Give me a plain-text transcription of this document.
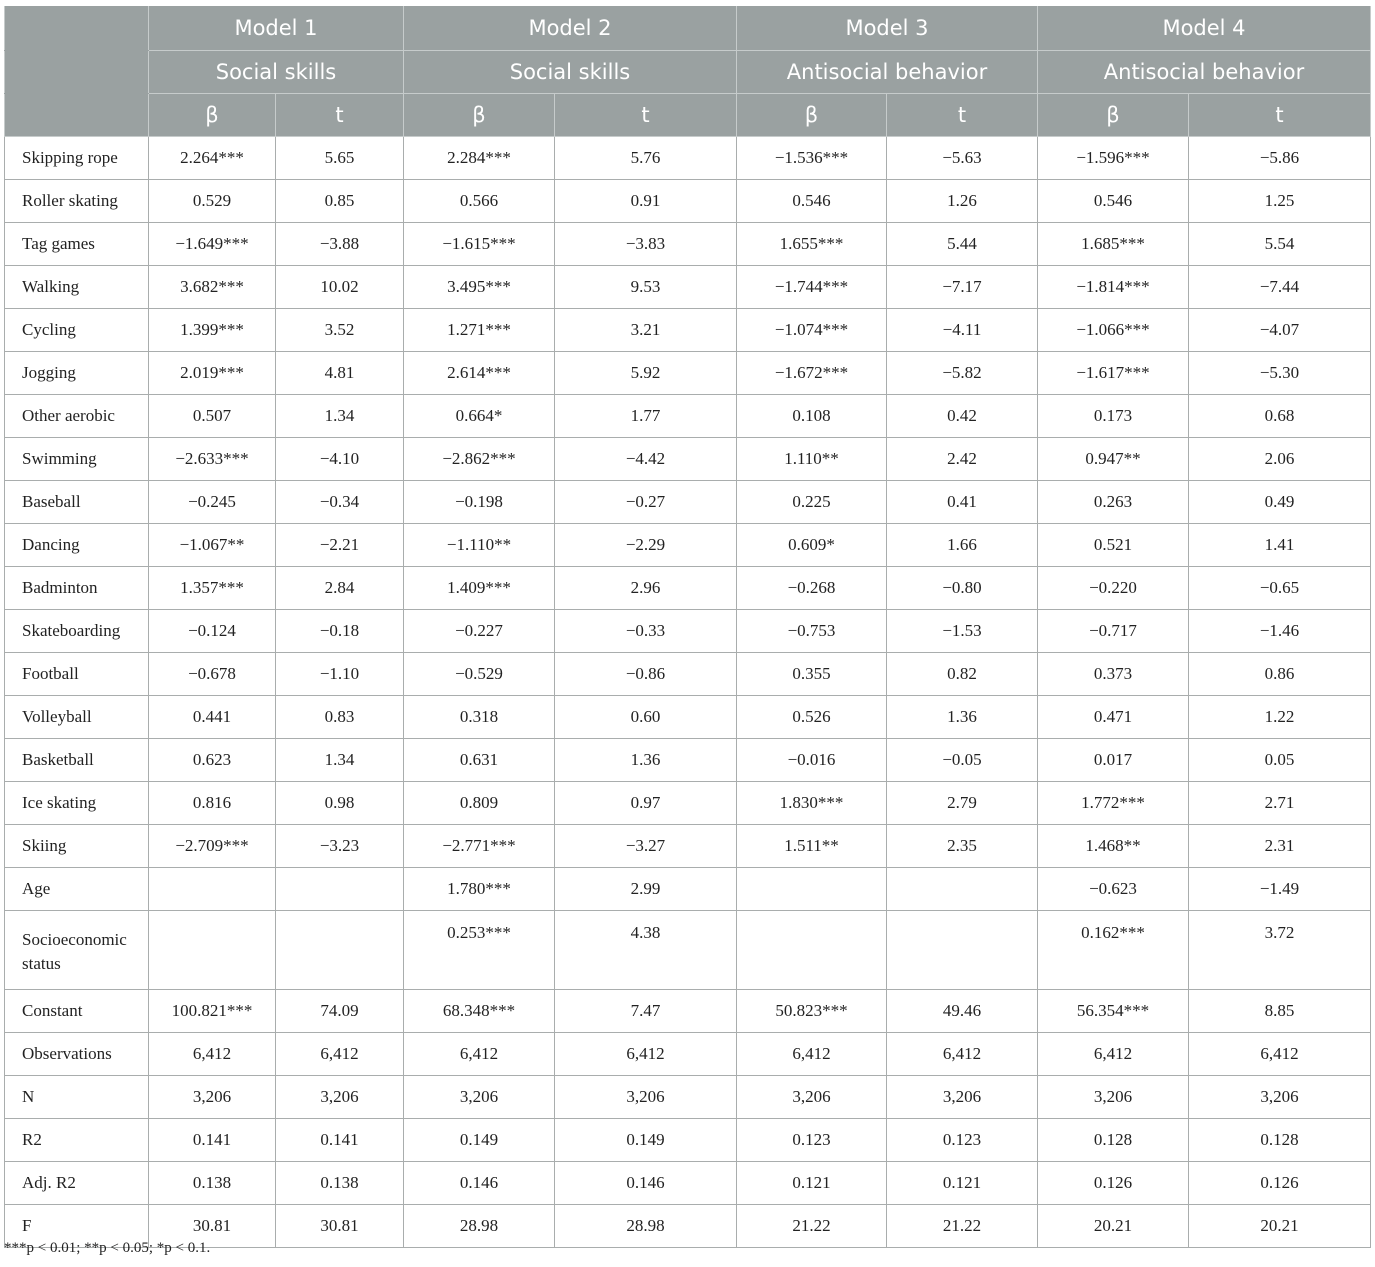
	Model 1		Model 2		Model 3		Model 4	
	Social skills		Social skills		Antisocial behavior		Antisocial behavior	
	β	t	β	t	β	t	β	t
Skipping rope	2.264***	5.65	2.284***	5.76	−1.536***	−5.63	−1.596***	−5.86
Roller skating	0.529	0.85	0.566	0.91	0.546	1.26	0.546	1.25
Tag games	−1.649***	−3.88	−1.615***	−3.83	1.655***	5.44	1.685***	5.54
Walking	3.682***	10.02	3.495***	9.53	−1.744***	−7.17	−1.814***	−7.44
Cycling	1.399***	3.52	1.271***	3.21	−1.074***	−4.11	−1.066***	−4.07
Jogging	2.019***	4.81	2.614***	5.92	−1.672***	−5.82	−1.617***	−5.30
Other aerobic	0.507	1.34	0.664*	1.77	0.108	0.42	0.173	0.68
Swimming	−2.633***	−4.10	−2.862***	−4.42	1.110**	2.42	0.947**	2.06
Baseball	−0.245	−0.34	−0.198	−0.27	0.225	0.41	0.263	0.49
Dancing	−1.067**	−2.21	−1.110**	−2.29	0.609*	1.66	0.521	1.41
Badminton	1.357***	2.84	1.409***	2.96	−0.268	−0.80	−0.220	−0.65
Skateboarding	−0.124	−0.18	−0.227	−0.33	−0.753	−1.53	−0.717	−1.46
Football	−0.678	−1.10	−0.529	−0.86	0.355	0.82	0.373	0.86
Volleyball	0.441	0.83	0.318	0.60	0.526	1.36	0.471	1.22
Basketball	0.623	1.34	0.631	1.36	−0.016	−0.05	0.017	0.05
Ice skating	0.816	0.98	0.809	0.97	1.830***	2.79	1.772***	2.71
Skiing	−2.709***	−3.23	−2.771***	−3.27	1.511**	2.35	1.468**	2.31
Age			1.780***	2.99			−0.623	−1.49
Socioeconomic status			0.253***	4.38			0.162***	3.72
Constant	100.821***	74.09	68.348***	7.47	50.823***	49.46	56.354***	8.85
Observations	6,412	6,412	6,412	6,412	6,412	6,412	6,412	6,412
N	3,206	3,206	3,206	3,206	3,206	3,206	3,206	3,206
R2	0.141	0.141	0.149	0.149	0.123	0.123	0.128	0.128
Adj. R2	0.138	0.138	0.146	0.146	0.121	0.121	0.126	0.126
F	30.81	30.81	28.98	28.98	21.22	21.22	20.21	20.21
***p < 0.01; **p < 0.05; *p < 0.1.
